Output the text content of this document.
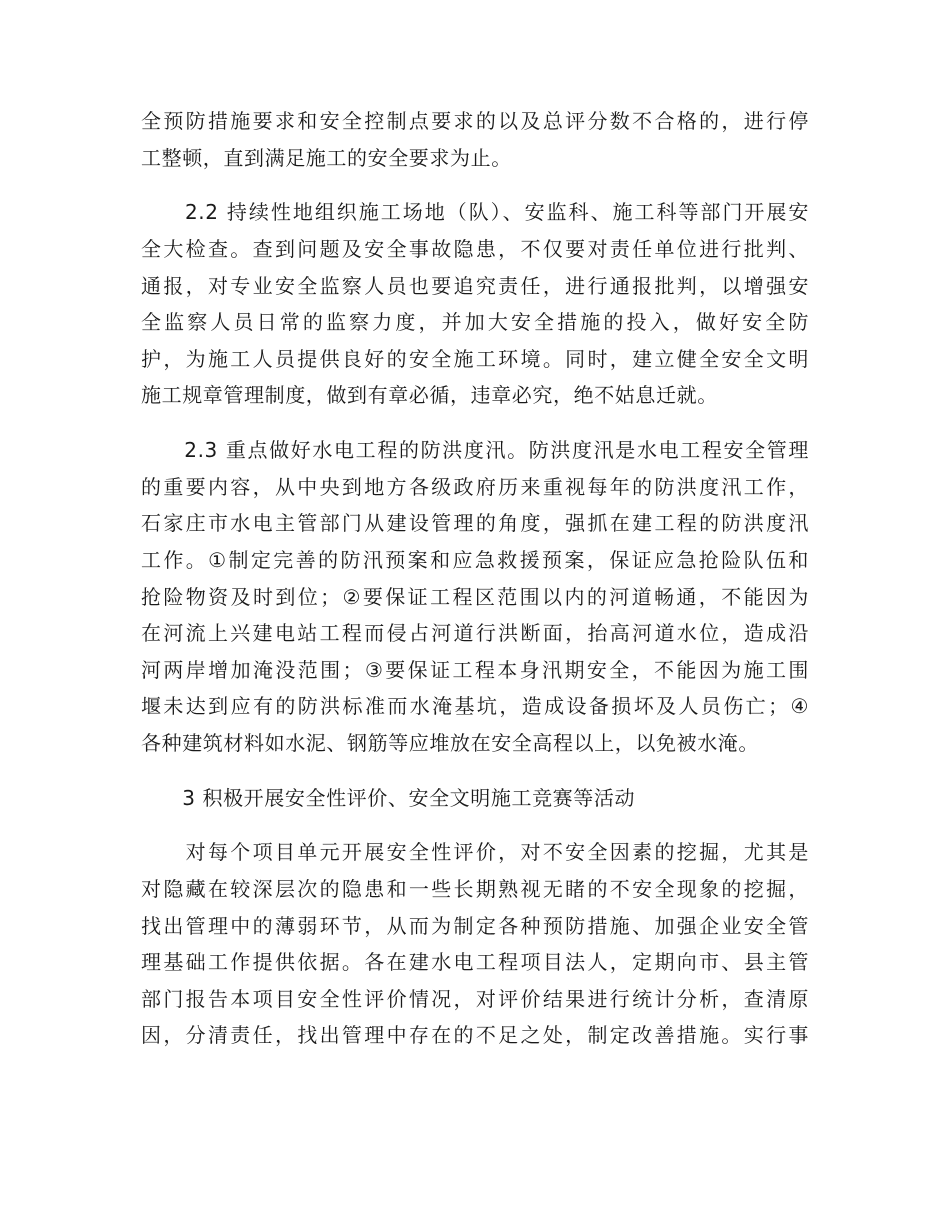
全预防措施要求和安全控制点要求的以及总评分数不合格的，进行停
工整顿，直到满足施工的安全要求为止。
　　2.2 持续性地组织施工场地（队）、安监科、施工科等部门开展安
全大检查。查到问题及安全事故隐患，不仅要对责任单位进行批判、
通报，对专业安全监察人员也要追究责任，进行通报批判，以增强安
全监察人员日常的监察力度，并加大安全措施的投入，做好安全防
护，为施工人员提供良好的安全施工环境。同时，建立健全安全文明
施工规章管理制度，做到有章必循，违章必究，绝不姑息迁就。
　　2.3 重点做好水电工程的防洪度汛。防洪度汛是水电工程安全管理
的重要内容，从中央到地方各级政府历来重视每年的防洪度汛工作，
石家庄市水电主管部门从建设管理的角度，强抓在建工程的防洪度汛
工作。①制定完善的防汛预案和应急救援预案，保证应急抢险队伍和
抢险物资及时到位；②要保证工程区范围以内的河道畅通，不能因为
在河流上兴建电站工程而侵占河道行洪断面，抬高河道水位，造成沿
河两岸增加淹没范围；③要保证工程本身汛期安全，不能因为施工围
堰未达到应有的防洪标准而水淹基坑，造成设备损坏及人员伤亡；④
各种建筑材料如水泥、钢筋等应堆放在安全高程以上，以免被水淹。
　　3 积极开展安全性评价、安全文明施工竞赛等活动
　　对每个项目单元开展安全性评价，对不安全因素的挖掘，尤其是
对隐藏在较深层次的隐患和一些长期熟视无睹的不安全现象的挖掘，
找出管理中的薄弱环节，从而为制定各种预防措施、加强企业安全管
理基础工作提供依据。各在建水电工程项目法人，定期向市、县主管
部门报告本项目安全性评价情况，对评价结果进行统计分析，查清原
因，分清责任，找出管理中存在的不足之处，制定改善措施。实行事
